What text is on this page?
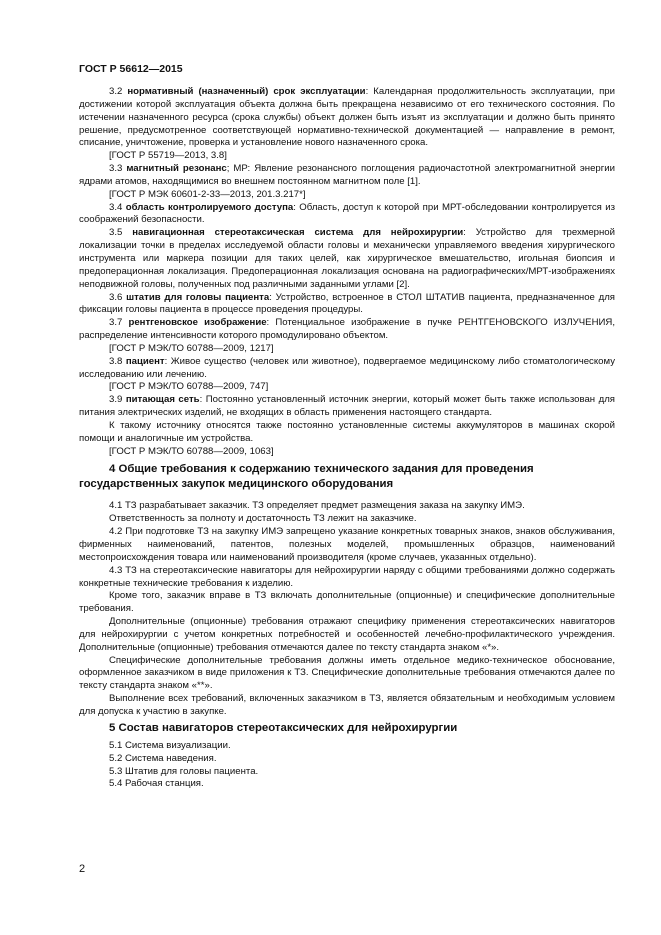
ГОСТ Р 56612—2015

3.2 нормативный (назначенный) срок эксплуатации: Календарная продолжительность эксплуатации, при достижении которой эксплуатация объекта должна быть прекращена независимо от его технического состояния. По истечении назначенного ресурса (срока службы) объект должен быть изъят из эксплуатации и должно быть принято решение, предусмотренное соответствующей нормативно-технической документацией — направление в ремонт, списание, уничтожение, проверка и установление нового назначенного срока.

[ГОСТ Р 55719—2013, 3.8]

3.3 магнитный резонанс; МР: Явление резонансного поглощения радиочастотной электромагнитной энергии ядрами атомов, находящимися во внешнем постоянном магнитном поле [1].

[ГОСТ Р МЭК 60601-2-33—2013, 201.3.217*]

3.4 область контролируемого доступа: Область, доступ к которой при МРТ-обследовании контролируется из соображений безопасности.

3.5 навигационная стереотаксическая система для нейрохирургии: Устройство для трехмерной локализации точки в пределах исследуемой области головы и механически управляемого введения хирургического инструмента или маркера позиции для таких целей, как хирургическое вмешательство, игольная биопсия и предоперационная локализация. Предоперационная локализация основана на радиографических/МРТ-изображениях неподвижной головы, полученных под различными заданными углами [2].

3.6 штатив для головы пациента: Устройство, встроенное в СТОЛ ШТАТИВ пациента, предназначенное для фиксации головы пациента в процессе проведения процедуры.

3.7 рентгеновское изображение: Потенциальное изображение в пучке РЕНТГЕНОВСКОГО ИЗЛУЧЕНИЯ, распределение интенсивности которого промодулировано объектом.

[ГОСТ Р МЭК/ТО 60788—2009, 1217]

3.8 пациент: Живое существо (человек или животное), подвергаемое медицинскому либо стоматологическому исследованию или лечению.

[ГОСТ Р МЭК/ТО 60788—2009, 747]

3.9 питающая сеть: Постоянно установленный источник энергии, который может быть также использован для питания электрических изделий, не входящих в область применения настоящего стандарта.

К такому источнику относятся также постоянно установленные системы аккумуляторов в машинах скорой помощи и аналогичные им устройства.

[ГОСТ Р МЭК/ТО 60788—2009, 1063]

4 Общие требования к содержанию технического задания для проведения государственных закупок медицинского оборудования

4.1 ТЗ разрабатывает заказчик. ТЗ определяет предмет размещения заказа на закупку ИМЭ.

Ответственность за полноту и достаточность ТЗ лежит на заказчике.

4.2 При подготовке ТЗ на закупку ИМЭ запрещено указание конкретных товарных знаков, знаков обслуживания, фирменных наименований, патентов, полезных моделей, промышленных образцов, наименований местопроисхождения товара или наименований производителя (кроме случаев, указанных отдельно).

4.3 ТЗ на стереотаксические навигаторы для нейрохирургии наряду с общими требованиями должно содержать конкретные технические требования к изделию.

Кроме того, заказчик вправе в ТЗ включать дополнительные (опционные) и специфические дополнительные требования.

Дополнительные (опционные) требования отражают специфику применения стереотаксических навигаторов для нейрохирургии с учетом конкретных потребностей и особенностей лечебно-профилактического учреждения. Дополнительные (опционные) требования отмечаются далее по тексту стандарта знаком «*».

Специфические дополнительные требования должны иметь отдельное медико-техническое обоснование, оформленное заказчиком в виде приложения к ТЗ. Специфические дополнительные требования отмечаются далее по тексту стандарта знаком «**».

Выполнение всех требований, включенных заказчиком в ТЗ, является обязательным и необходимым условием для допуска к участию в закупке.

5 Состав навигаторов стереотаксических для нейрохирургии

5.1 Система визуализации.

5.2 Система наведения.

5.3 Штатив для головы пациента.

5.4 Рабочая станция.

2
